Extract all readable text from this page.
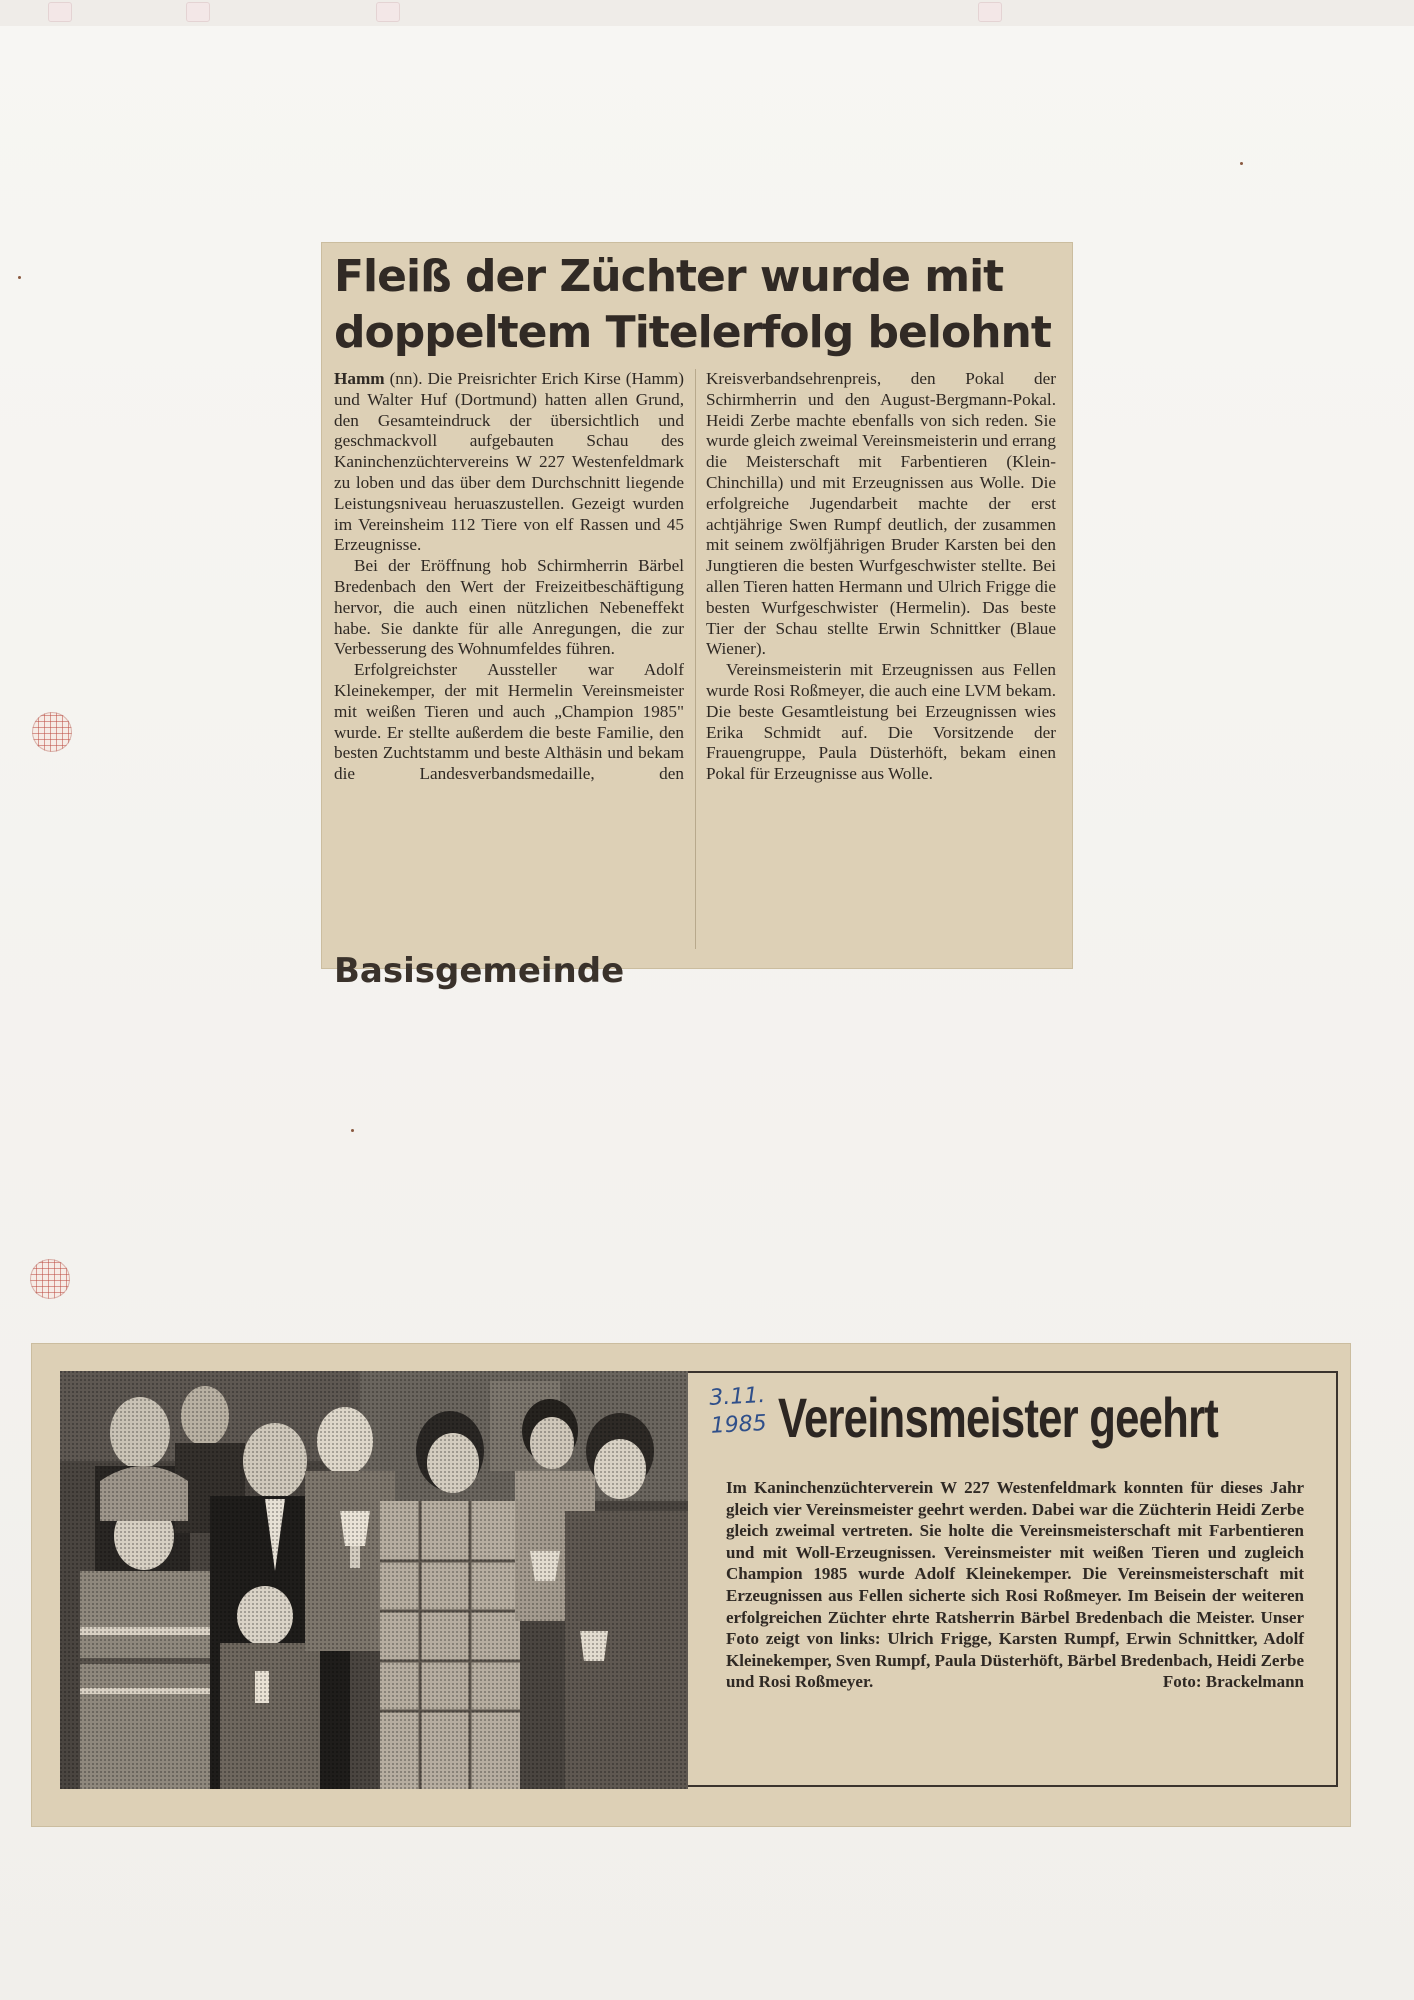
Fleiß der Züchter wurde mit doppeltem Titelerfolg belohnt

Hamm (nn). Die Preisrichter Erich Kirse (Hamm) und Walter Huf (Dortmund) hatten allen Grund, den Gesamteindruck der übersichtlich und geschmackvoll aufgebauten Schau des Kaninchenzüchtervereins W 227 Westenfeldmark zu loben und das über dem Durchschnitt liegende Leistungsniveau heruaszustellen. Gezeigt wurden im Vereinsheim 112 Tiere von elf Rassen und 45 Erzeugnisse.

Bei der Eröffnung hob Schirmherrin Bärbel Bredenbach den Wert der Freizeitbeschäftigung hervor, die auch einen nützlichen Nebeneffekt habe. Sie dankte für alle Anregungen, die zur Verbesserung des Wohnumfeldes führen.

Erfolgreichster Aussteller war Adolf Kleinekemper, der mit Hermelin Vereinsmeister mit weißen Tieren und auch „Champion 1985" wurde. Er stellte außerdem die beste Familie, den besten Zuchtstamm und beste Althäsin und bekam die Landesverbandsmedaille, den Kreisverbandsehrenpreis, den Pokal der Schirmherrin und den August-Bergmann-Pokal. Heidi Zerbe machte ebenfalls von sich reden. Sie wurde gleich zweimal Vereinsmeisterin und errang die Meisterschaft mit Farbentieren (Klein-Chinchilla) und mit Erzeugnissen aus Wolle. Die erfolgreiche Jugendarbeit machte der erst achtjährige Swen Rumpf deutlich, der zusammen mit seinem zwölfjährigen Bruder Karsten bei den Jungtieren die besten Wurfgeschwister stellte. Bei allen Tieren hatten Hermann und Ulrich Frigge die besten Wurfgeschwister (Hermelin). Das beste Tier der Schau stellte Erwin Schnittker (Blaue Wiener).

Vereinsmeisterin mit Erzeugnissen aus Fellen wurde Rosi Roßmeyer, die auch eine LVM bekam. Die beste Gesamtleistung bei Erzeugnissen wies Erika Schmidt auf. Die Vorsitzende der Frauengruppe, Paula Düsterhöft, bekam einen Pokal für Erzeugnisse aus Wolle.

Basisgemeinde
3.11.
1985 Vereinsmeister geehrt

Im Kaninchenzüchterverein W 227 Westenfeldmark konnten für dieses Jahr gleich vier Vereinsmeister geehrt werden. Dabei war die Züchterin Heidi Zerbe gleich zweimal vertreten. Sie holte die Vereinsmeisterschaft mit Farbentieren und mit Woll-Erzeugnissen. Vereinsmeister mit weißen Tieren und zugleich Champion 1985 wurde Adolf Kleinekemper. Die Vereinsmeisterschaft mit Erzeugnissen aus Fellen sicherte sich Rosi Roßmeyer. Im Beisein der weiteren erfolgreichen Züchter ehrte Ratsherrin Bärbel Bredenbach die Meister. Unser Foto zeigt von links: Ulrich Frigge, Karsten Rumpf, Erwin Schnittker, Adolf Kleinekemper, Sven Rumpf, Paula Düsterhöft, Bärbel Bredenbach, Heidi Zerbe und Rosi Roßmeyer.	Foto: Brackelmann
